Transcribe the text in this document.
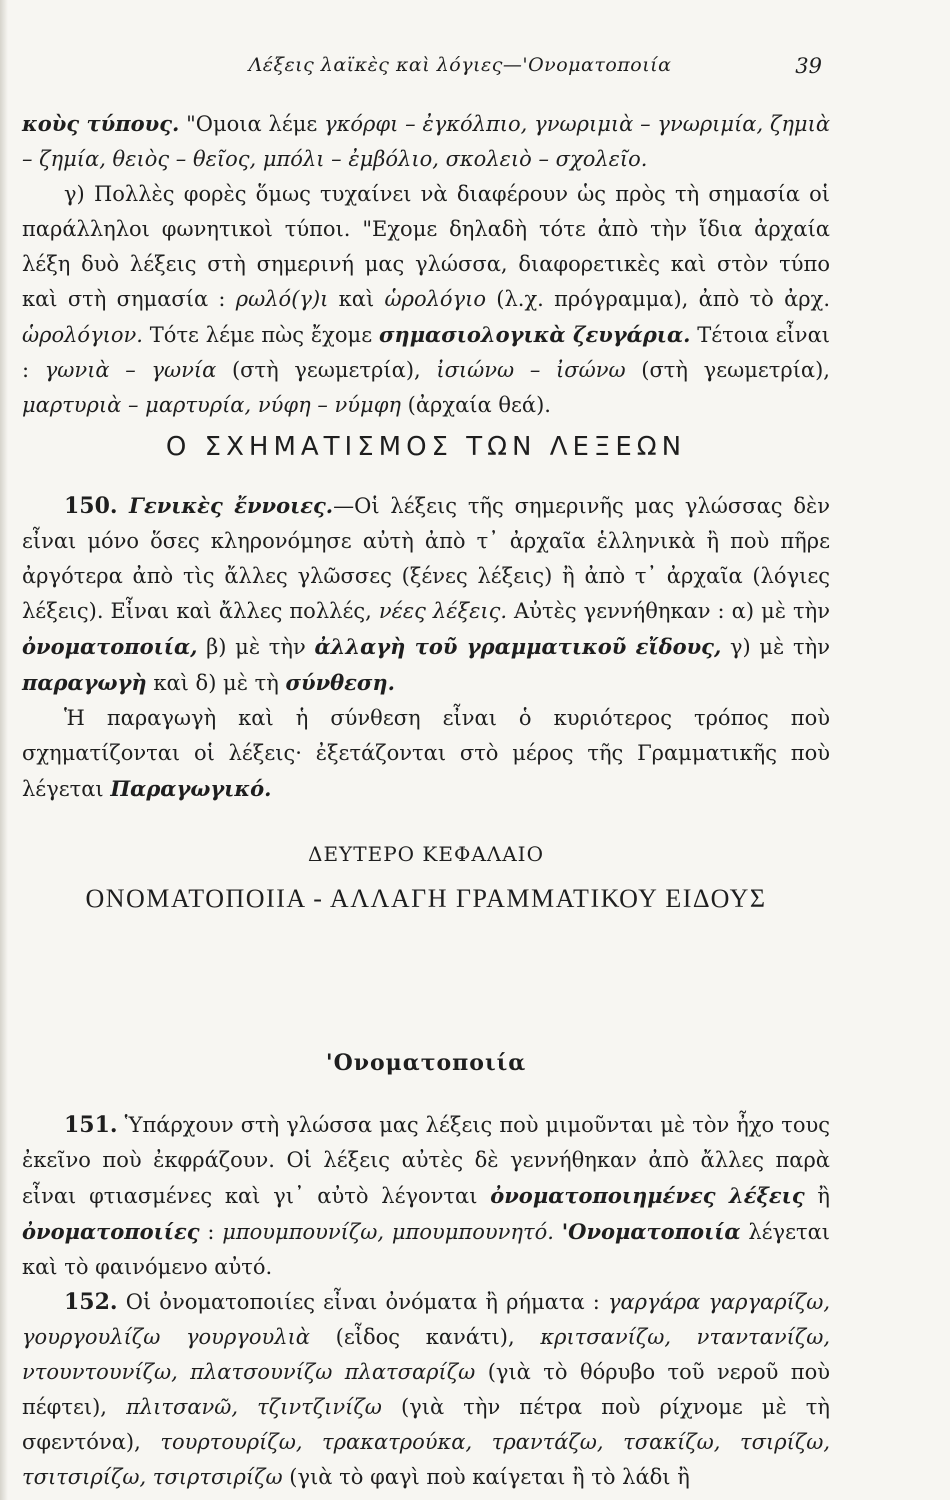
Λέξεις λαϊκὲς καὶ λόγιες—'Ονοματοποιία	39

κοὺς τύπους. "Ομοια λέμε γκόρφι – ἐγκόλπιο, γνωριμιὰ – γνωριμία, ζημιὰ – ζημία, θειὸς – θεῖος, μπόλι – ἐμβόλιο, σκολειὸ – σχολεῖο.

γ) Πολλὲς φορὲς ὅμως τυχαίνει νὰ διαφέρουν ὡς πρὸς τὴ σημασία οἱ παράλληλοι φωνητικοὶ τύποι. "Εχομε δηλαδὴ τότε ἀπὸ τὴν ἴδια ἀρχαία λέξη δυὸ λέξεις στὴ σημερινή μας γλώσσα, διαφορετικὲς καὶ στὸν τύπο καὶ στὴ σημασία : ρωλό(γ)ι καὶ ὡρολόγιο (λ.χ. πρόγραμμα), ἀπὸ τὸ ἀρχ. ὡρολόγιον. Τότε λέμε πὼς ἔχομε σημασιολογικὰ ζευγάρια. Τέτοια εἶναι : γωνιὰ – γωνία (στὴ γεωμετρία), ἰσιώνω – ἰσώνω (στὴ γεωμετρία), μαρτυριὰ – μαρτυρία, νύφη – νύμφη (ἀρχαία θεά).

Ο ΣΧΗΜΑΤΙΣΜΟΣ ΤΩΝ ΛΕΞΕΩΝ

150. Γενικὲς ἔννοιες.—Οἱ λέξεις τῆς σημερινῆς μας γλώσσας δὲν εἶναι μόνο ὅσες κληρονόμησε αὐτὴ ἀπὸ τ᾽ ἀρχαῖα ἑλληνικὰ ἢ ποὺ πῆρε ἀργότερα ἀπὸ τὶς ἄλλες γλῶσσες (ξένες λέξεις) ἢ ἀπὸ τ᾽ ἀρχαῖα (λόγιες λέξεις). Εἶναι καὶ ἄλλες πολλές, νέες λέξεις. Αὐτὲς γεννήθηκαν : α) μὲ τὴν ὀνοματοποιία, β) μὲ τὴν ἀλλαγὴ τοῦ γραμματικοῦ εἴδους, γ) μὲ τὴν παραγωγὴ καὶ δ) μὲ τὴ σύνθεση.

Ἡ παραγωγὴ καὶ ἡ σύνθεση εἶναι ὁ κυριότερος τρόπος ποὺ σχηματίζονται οἱ λέξεις· ἐξετάζονται στὸ μέρος τῆς Γραμματικῆς ποὺ λέγεται Παραγωγικό.

ΔΕΥΤΕΡΟ ΚΕΦΑΛΑΙΟ
ΟΝΟΜΑΤΟΠΟΙΙΑ - ΑΛΛΑΓΗ ΓΡΑΜΜΑΤΙΚΟΥ ΕΙΔΟΥΣ
'Ονοματοποιία

151. Ὑπάρχουν στὴ γλώσσα μας λέξεις ποὺ μιμοῦνται μὲ τὸν ἦχο τους ἐκεῖνο ποὺ ἐκφράζουν. Οἱ λέξεις αὐτὲς δὲ γεννήθηκαν ἀπὸ ἄλλες παρὰ εἶναι φτιασμένες καὶ γι᾽ αὐτὸ λέγονται ὀνοματοποιημένες λέξεις ἢ ὀνοματοποιίες : μπουμπουνίζω, μπουμπουνητό. 'Ονοματοποιία λέγεται καὶ τὸ φαινόμενο αὐτό.

152. Οἱ ὀνοματοποιίες εἶναι ὀνόματα ἢ ρήματα : γαργάρα γαργαρίζω, γουργουλίζω γουργουλιὰ (εἶδος κανάτι), κριτσανίζω, νταντανίζω, ντουντουνίζω, πλατσουνίζω πλατσαρίζω (γιὰ τὸ θόρυβο τοῦ νεροῦ ποὺ πέφτει), πλιτσανῶ, τζιντζινίζω (γιὰ τὴν πέτρα ποὺ ρίχνομε μὲ τὴ σφεντόνα), τουρτουρίζω, τρακατρούκα, τραντάζω, τσακίζω, τσιρίζω, τσιτσιρίζω, τσιρτσιρίζω (γιὰ τὸ φαγὶ ποὺ καίγεται ἢ τὸ λάδι ἢ
